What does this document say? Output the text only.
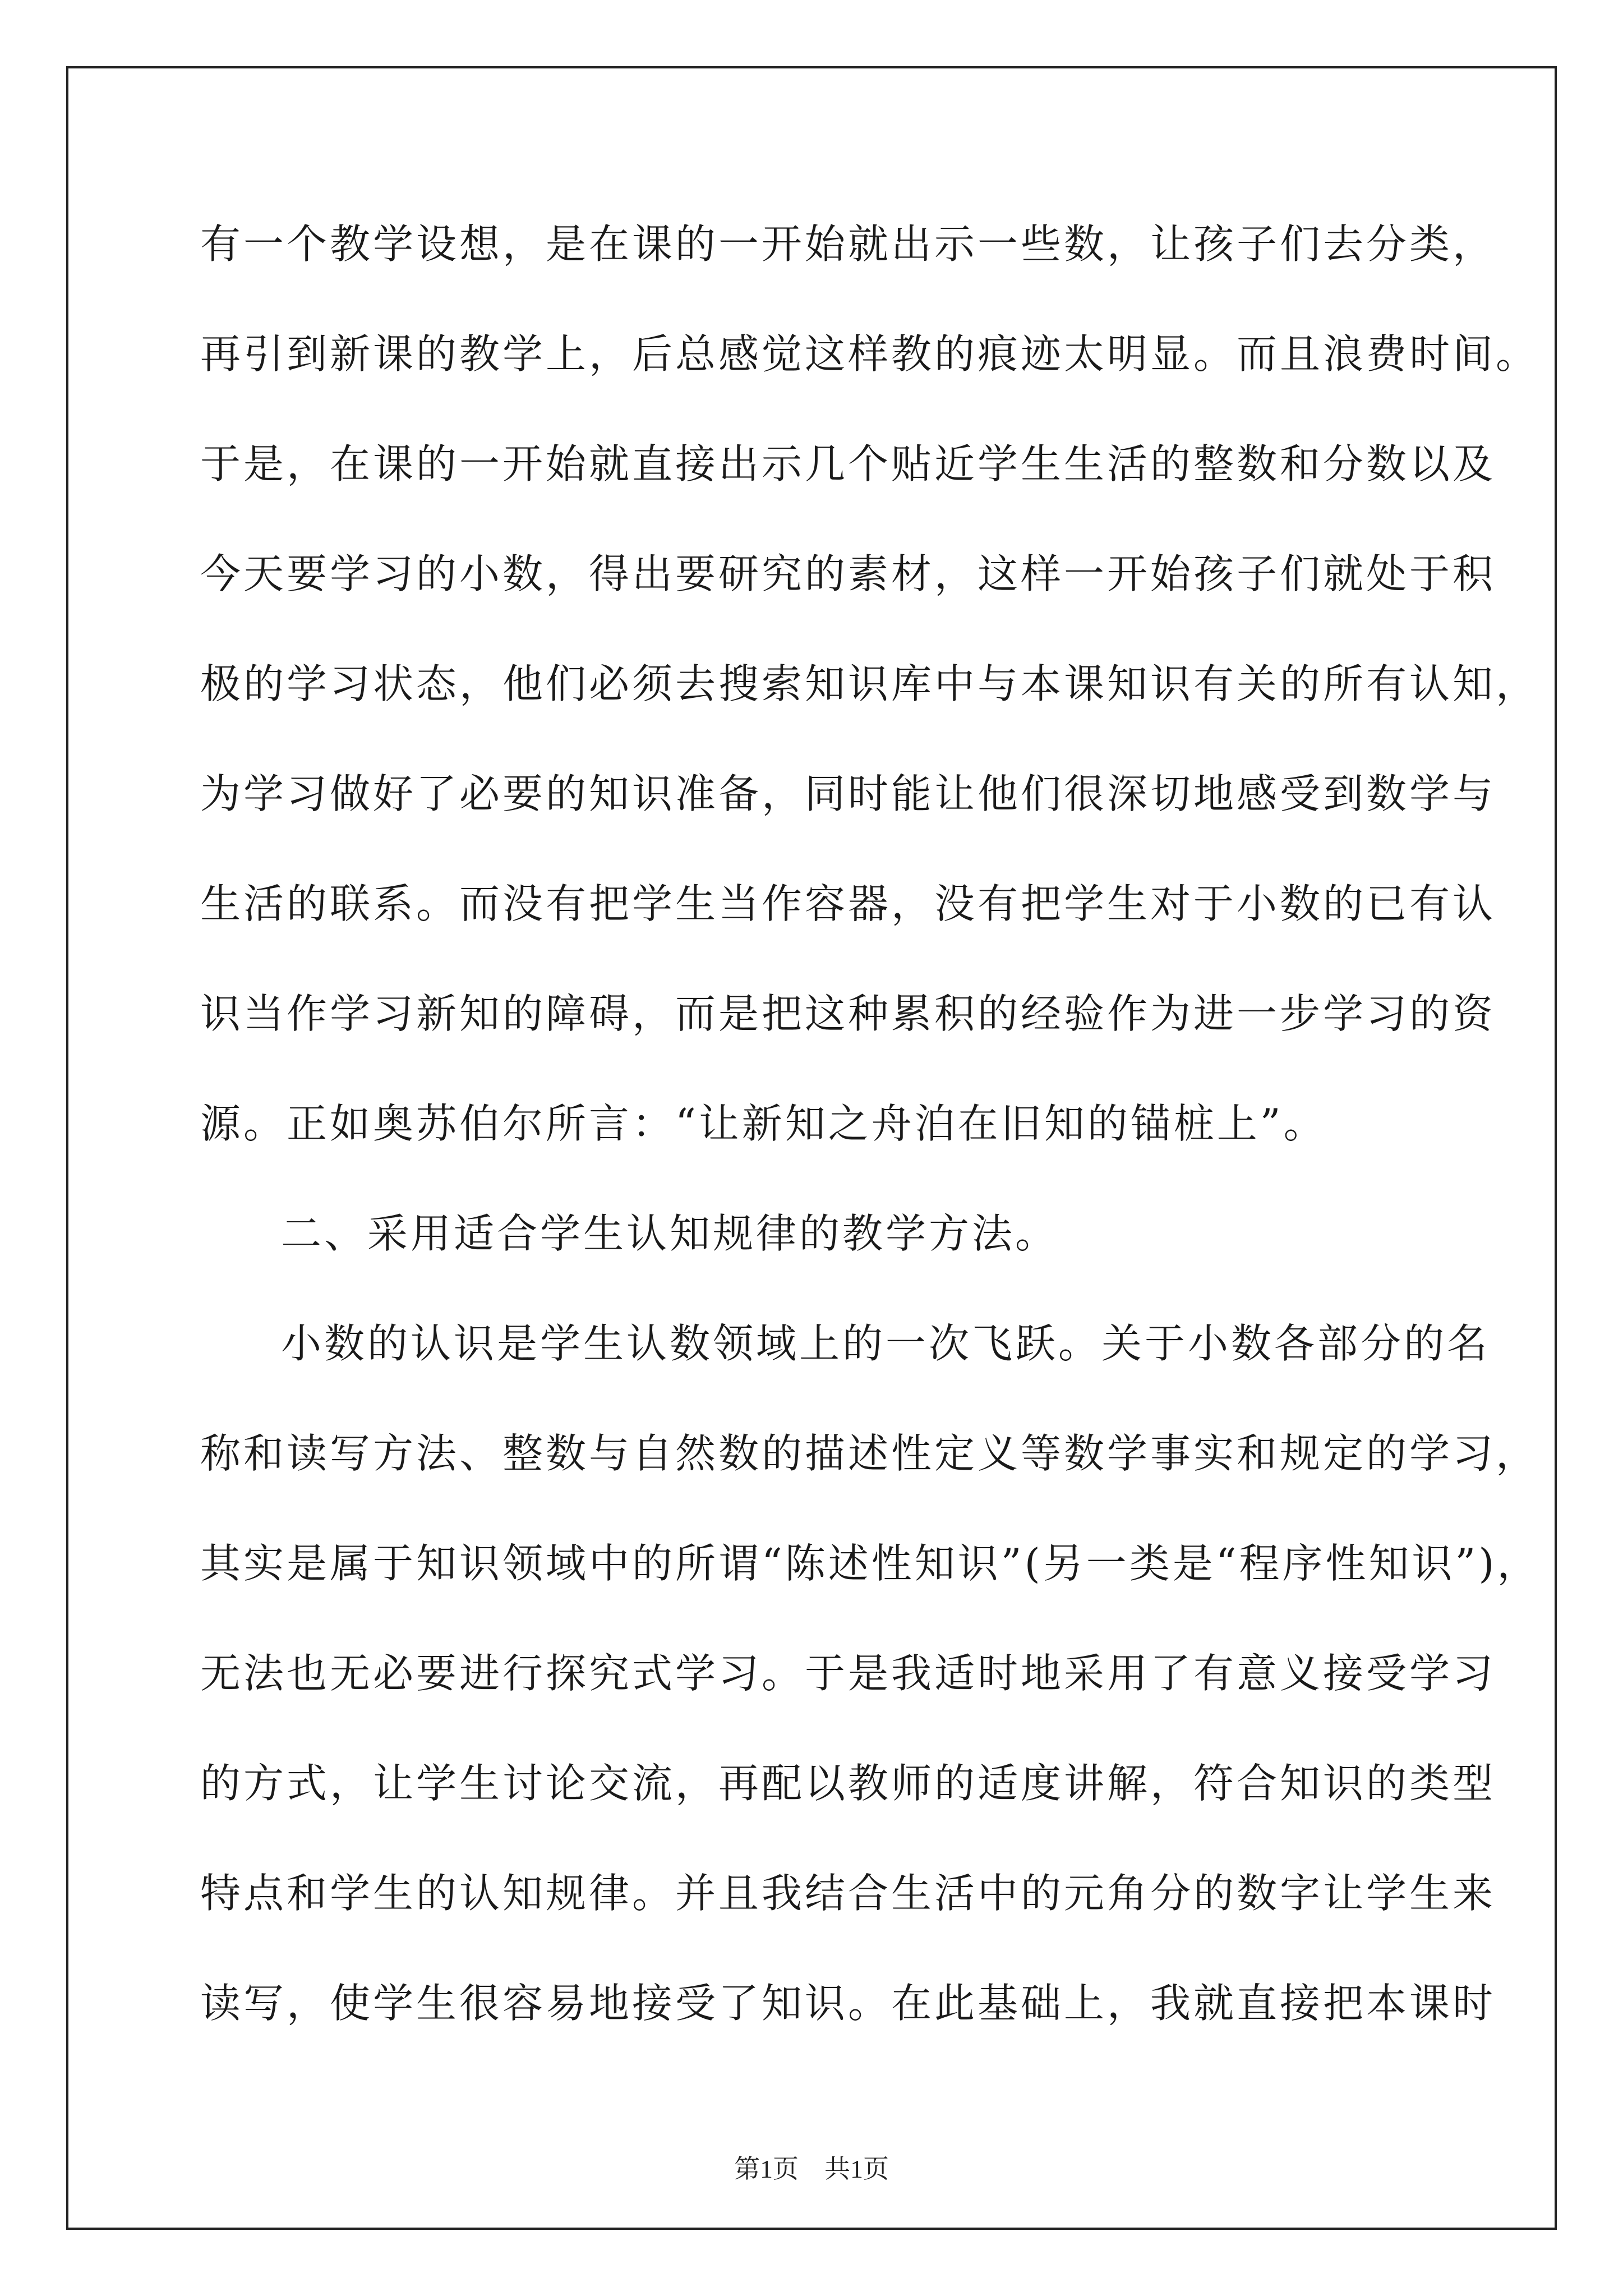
有一个教学设想，是在课的一开始就出示一些数，让孩子们去分类，
再引到新课的教学上，后总感觉这样教的痕迹太明显。而且浪费时间。
于是，在课的一开始就直接出示几个贴近学生生活的整数和分数以及
今天要学习的小数，得出要研究的素材，这样一开始孩子们就处于积
极的学习状态，他们必须去搜索知识库中与本课知识有关的所有认知，
为学习做好了必要的知识准备，同时能让他们很深切地感受到数学与
生活的联系。而没有把学生当作容器，没有把学生对于小数的已有认
识当作学习新知的障碍，而是把这种累积的经验作为进一步学习的资
源。正如奥苏伯尔所言：“让新知之舟泊在旧知的锚桩上”。
二、采用适合学生认知规律的教学方法。
小数的认识是学生认数领域上的一次飞跃。关于小数各部分的名
称和读写方法、整数与自然数的描述性定义等数学事实和规定的学习，
其实是属于知识领域中的所谓“陈述性知识”(另一类是“程序性知识”)，
无法也无必要进行探究式学习。于是我适时地采用了有意义接受学习
的方式，让学生讨论交流，再配以教师的适度讲解，符合知识的类型
特点和学生的认知规律。并且我结合生活中的元角分的数字让学生来
读写，使学生很容易地接受了知识。在此基础上，我就直接把本课时
第1页　共1页
